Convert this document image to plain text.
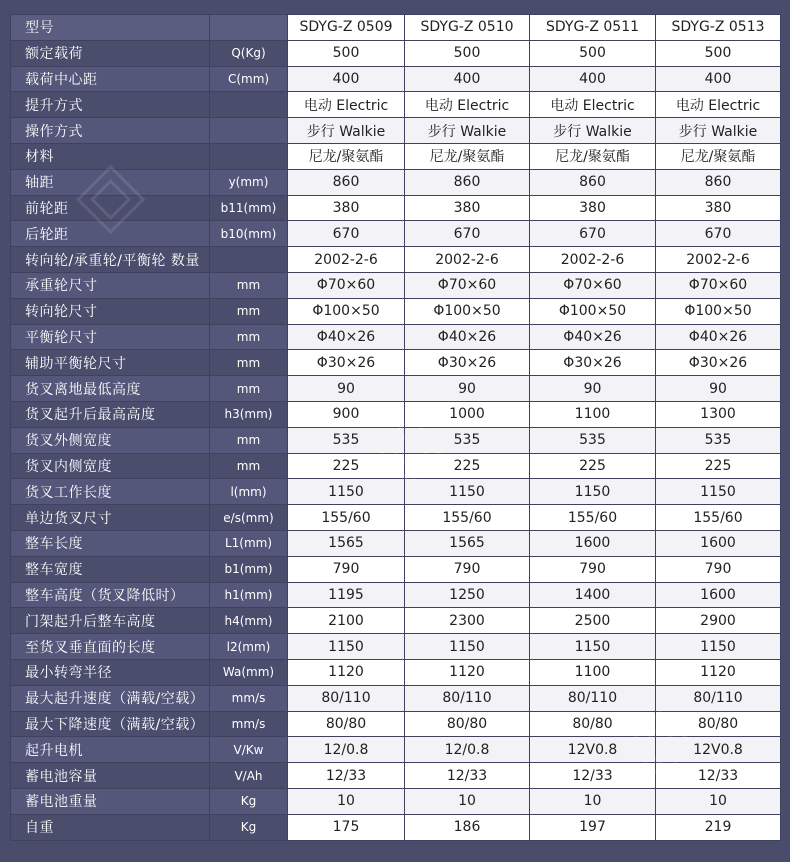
型号		SDYG-Z 0509	SDYG-Z 0510	SDYG-Z 0511	SDYG-Z 0513
额定载荷	Q(Kg)	500	500	500	500
载荷中心距	C(mm)	400	400	400	400
提升方式		电动 Electric	电动 Electric	电动 Electric	电动 Electric
操作方式		步行 Walkie	步行 Walkie	步行 Walkie	步行 Walkie
材料		尼龙/聚氨酯	尼龙/聚氨酯	尼龙/聚氨酯	尼龙/聚氨酯
轴距	y(mm)	860	860	860	860
前轮距	b11(mm)	380	380	380	380
后轮距	b10(mm)	670	670	670	670
转向轮/承重轮/平衡轮 数量		2002-2-6	2002-2-6	2002-2-6	2002-2-6
承重轮尺寸	mm	Φ70×60	Φ70×60	Φ70×60	Φ70×60
转向轮尺寸	mm	Φ100×50	Φ100×50	Φ100×50	Φ100×50
平衡轮尺寸	mm	Φ40×26	Φ40×26	Φ40×26	Φ40×26
辅助平衡轮尺寸	mm	Φ30×26	Φ30×26	Φ30×26	Φ30×26
货叉离地最低高度	mm	90	90	90	90
货叉起升后最高高度	h3(mm)	900	1000	1100	1300
货叉外侧宽度	mm	535	535	535	535
货叉内侧宽度	mm	225	225	225	225
货叉工作长度	l(mm)	1150	1150	1150	1150
单边货叉尺寸	e/s(mm)	155/60	155/60	155/60	155/60
整车长度	L1(mm)	1565	1565	1600	1600
整车宽度	b1(mm)	790	790	790	790
整车高度（货叉降低时）	h1(mm)	1195	1250	1400	1600
门架起升后整车高度	h4(mm)	2100	2300	2500	2900
至货叉垂直面的长度	l2(mm)	1150	1150	1150	1150
最小转弯半径	Wa(mm)	1120	1120	1100	1120
最大起升速度（满载/空载）	mm/s	80/110	80/110	80/110	80/110
最大下降速度（满载/空载）	mm/s	80/80	80/80	80/80	80/80
起升电机	V/Kw	12/0.8	12/0.8	12V0.8	12V0.8
蓄电池容量	V/Ah	12/33	12/33	12/33	12/33
蓄电池重量	Kg	10	10	10	10
自重	Kg	175	186	197	219
